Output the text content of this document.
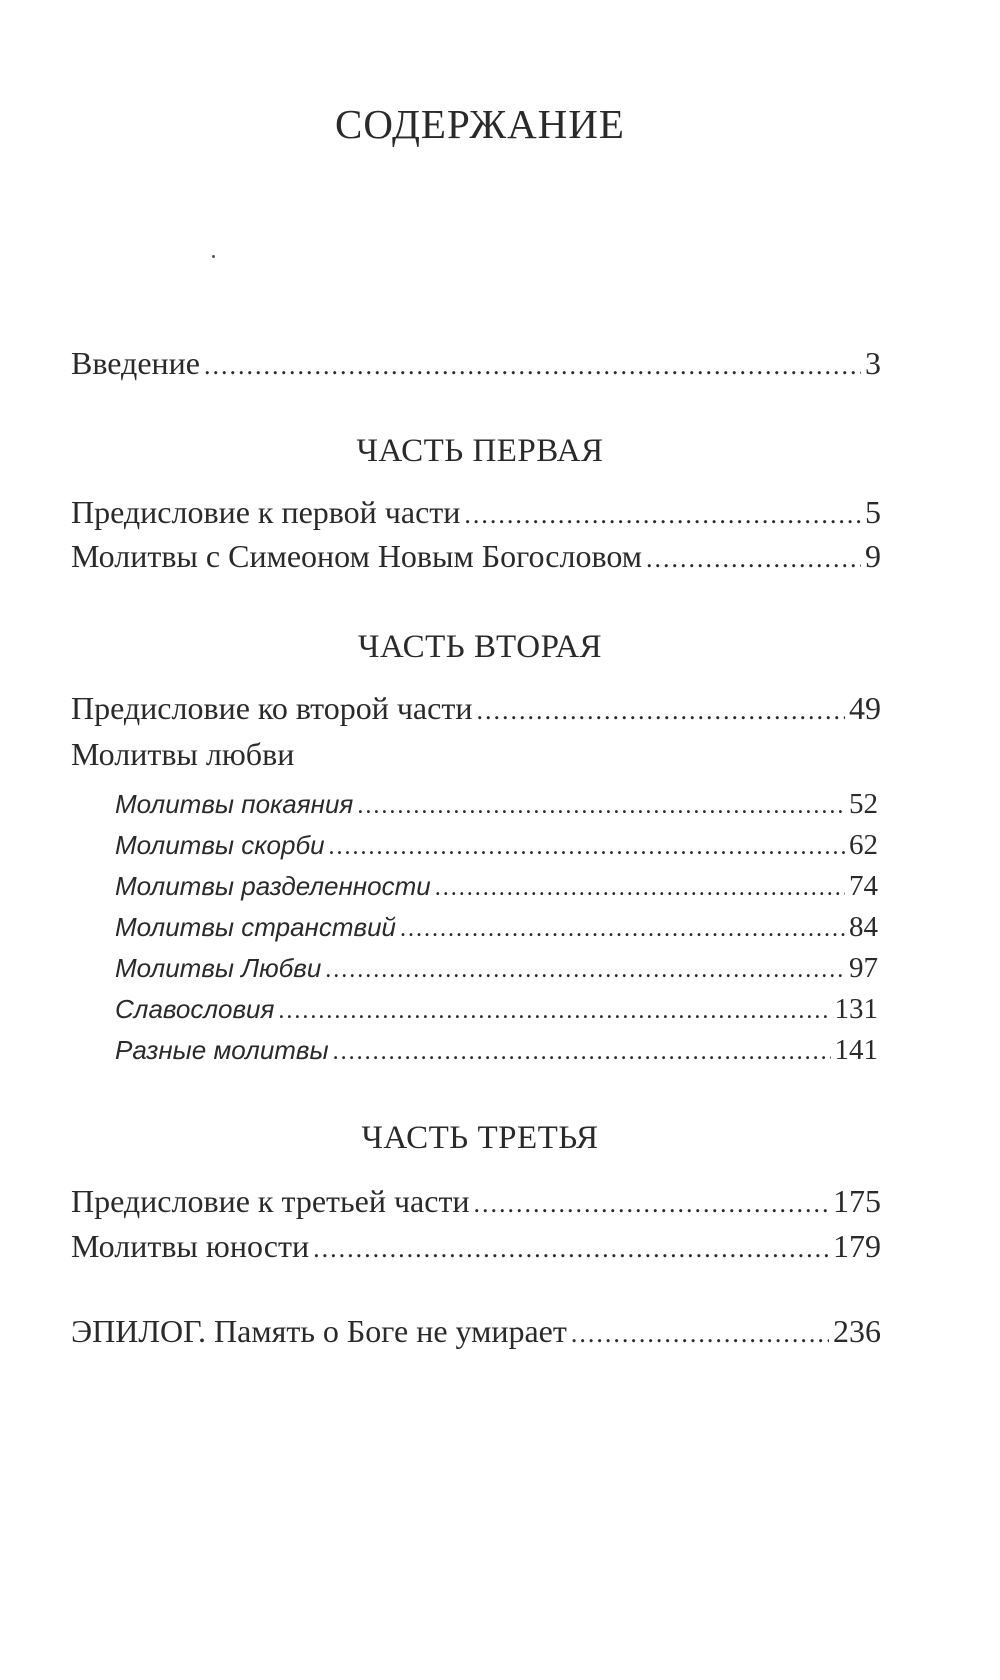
СОДЕРЖАНИЕ
Введение .....	3
ЧАСТЬ ПЕРВАЯ
Предисловие к первой части .....	5
Молитвы с Симеоном Новым Богословом .....	9
ЧАСТЬ ВТОРАЯ
Предисловие ко второй части .....	49
Молитвы любви
Молитвы покаяния .....	52
Молитвы скорби .....	62
Молитвы разделенности .....	74
Молитвы странствий .....	84
Молитвы Любви .....	97
Славословия .....	131
Разные молитвы .....	141
ЧАСТЬ ТРЕТЬЯ
Предисловие к третьей части .....	175
Молитвы юности .....	179
ЭПИЛОГ. Память о Боге не умирает .....	236
